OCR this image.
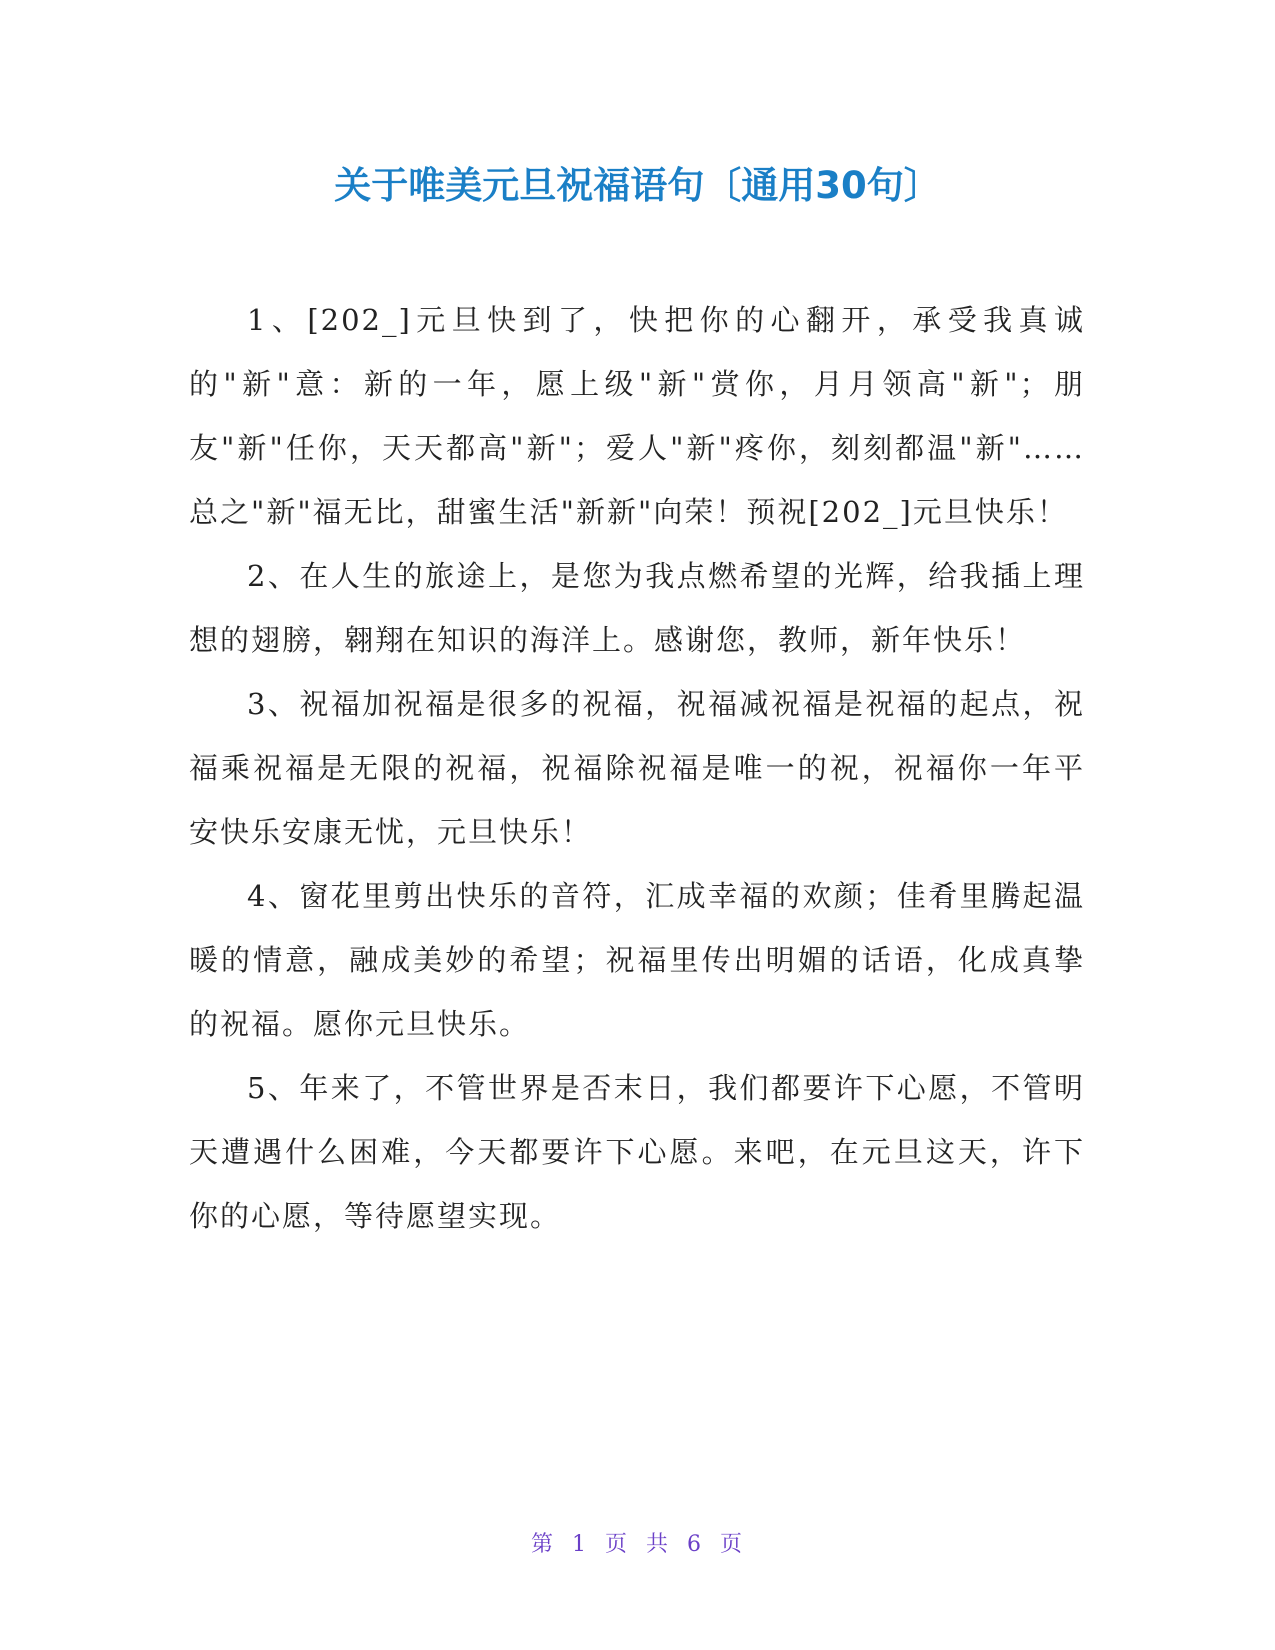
关于唯美元旦祝福语句〔通用30句〕

1、[202_]元旦快到了，快把你的心翻开，承受我真诚的"新"意：新的一年，愿上级"新"赏你，月月领高"新"；朋友"新"任你，天天都高"新"；爱人"新"疼你，刻刻都温"新"……总之"新"福无比，甜蜜生活"新新"向荣！预祝[202_]元旦快乐！

2、在人生的旅途上，是您为我点燃希望的光辉，给我插上理想的翅膀，翱翔在知识的海洋上。感谢您，教师，新年快乐！

3、祝福加祝福是很多的祝福，祝福减祝福是祝福的起点，祝福乘祝福是无限的祝福，祝福除祝福是唯一的祝，祝福你一年平安快乐安康无忧，元旦快乐！

4、窗花里剪出快乐的音符，汇成幸福的欢颜；佳肴里腾起温暖的情意，融成美妙的希望；祝福里传出明媚的话语，化成真挚的祝福。愿你元旦快乐。

5、年来了，不管世界是否末日，我们都要许下心愿，不管明天遭遇什么困难，今天都要许下心愿。来吧，在元旦这天，许下你的心愿，等待愿望实现。

第 1 页 共 6 页
